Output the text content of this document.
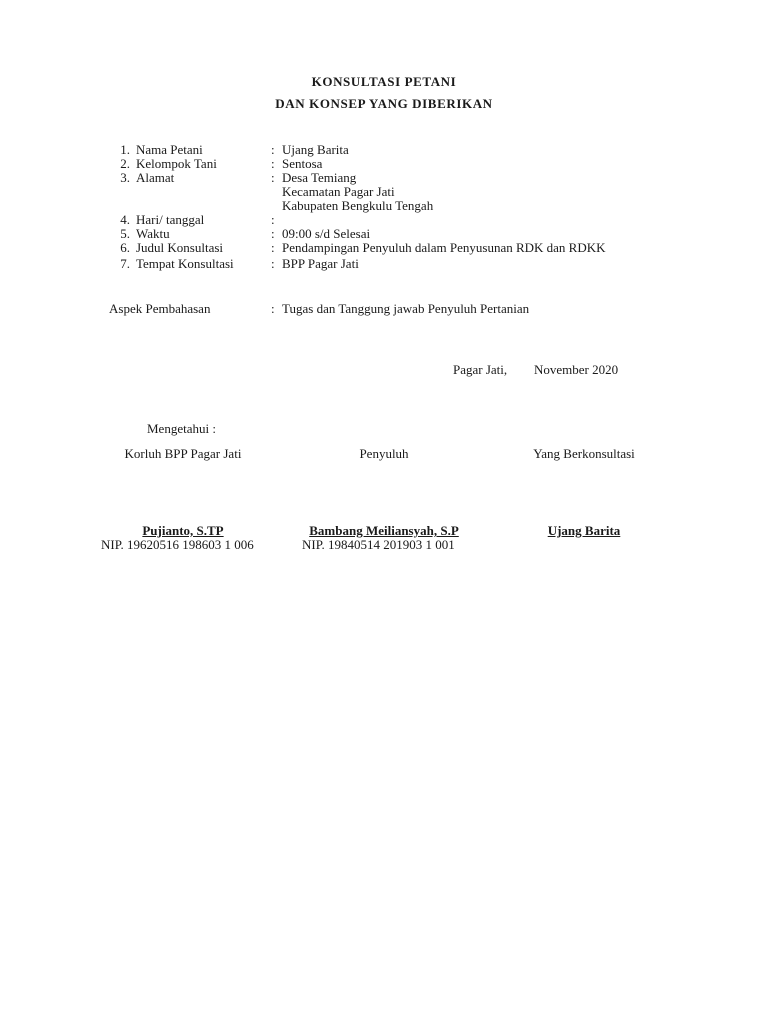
KONSULTASI PETANI
DAN KONSEP YANG DIBERIKAN
1. Nama Petani	: Ujang Barita
2. Kelompok Tani	: Sentosa
3. Alamat	: Desa Temiang
Kecamatan Pagar Jati
Kabupaten Bengkulu Tengah
4. Hari/ tanggal	:
5. Waktu	: 09:00 s/d Selesai
6. Judul Konsultasi	: Pendampingan Penyuluh dalam Penyusunan RDK dan RDKK
7. Tempat Konsultasi	: BPP Pagar Jati
Aspek Pembahasan	: Tugas dan Tanggung jawab Penyuluh Pertanian
Pagar Jati, November 2020
Mengetahui :
Korluh BPP Pagar Jati	Penyuluh	Yang Berkonsultasi
Pujianto, S.TP	Bambang Meiliansyah, S.P	Ujang Barita
NIP. 19620516 198603 1 006	NIP. 19840514 201903 1 001
